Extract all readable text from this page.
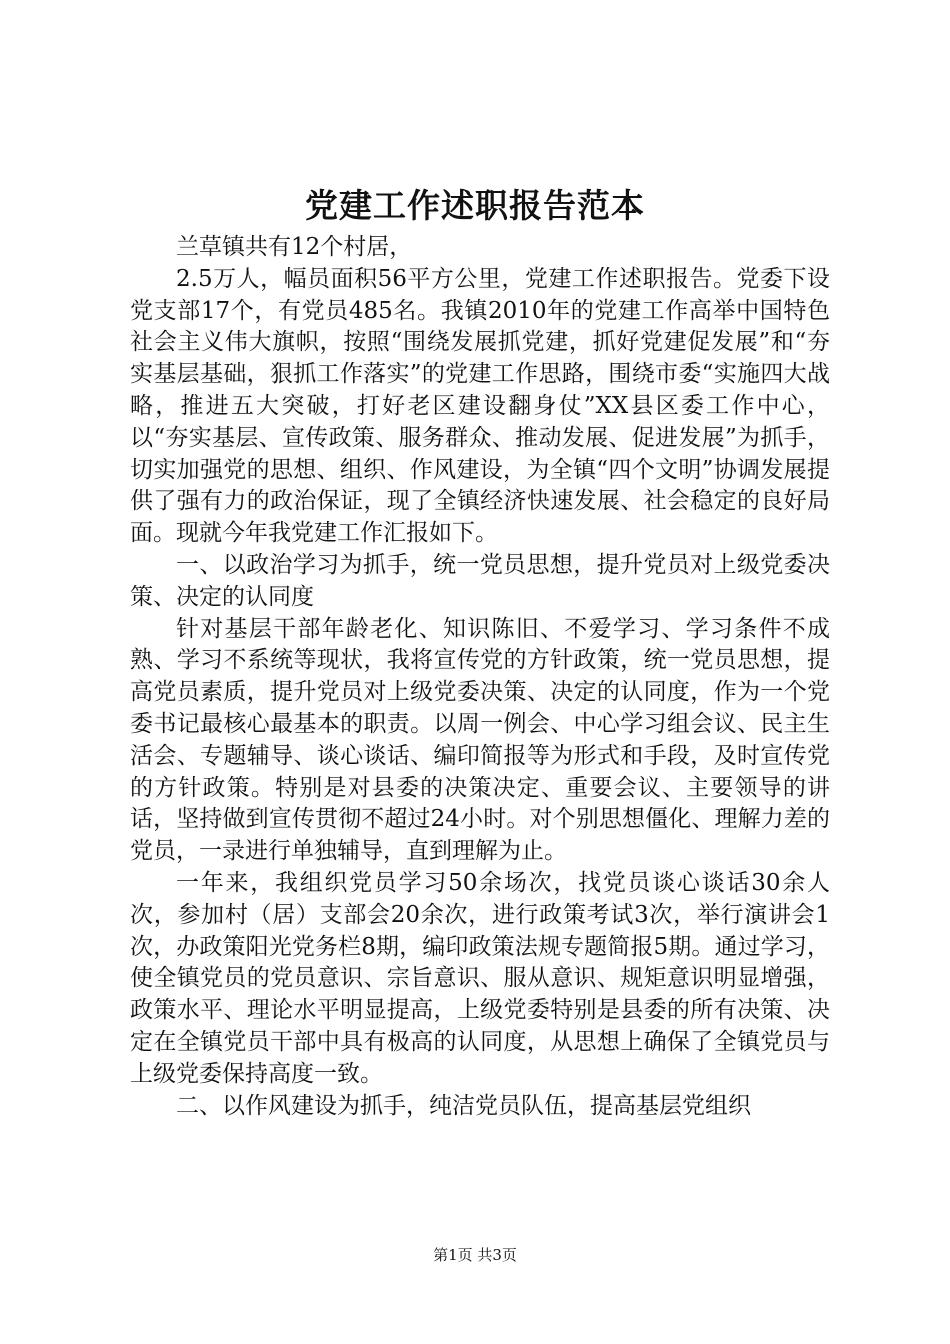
党建工作述职报告范本

兰草镇共有12个村居，

2.5万人，幅员面积56平方公里，党建工作述职报告。党委下设党支部17个，有党员485名。我镇2010年的党建工作高举中国特色社会主义伟大旗帜，按照“围绕发展抓党建，抓好党建促发展”和“夯实基层基础，狠抓工作落实”的党建工作思路，围绕市委“实施四大战略，推进五大突破，打好老区建设翻身仗”XX县区委工作中心，以“夯实基层、宣传政策、服务群众、推动发展、促进发展”为抓手，切实加强党的思想、组织、作风建设，为全镇“四个文明”协调发展提供了强有力的政治保证，现了全镇经济快速发展、社会稳定的良好局面。现就今年我党建工作汇报如下。

一、以政治学习为抓手，统一党员思想，提升党员对上级党委决策、决定的认同度

针对基层干部年龄老化、知识陈旧、不爱学习、学习条件不成熟、学习不系统等现状，我将宣传党的方针政策，统一党员思想，提高党员素质，提升党员对上级党委决策、决定的认同度，作为一个党委书记最核心最基本的职责。以周一例会、中心学习组会议、民主生活会、专题辅导、谈心谈话、编印简报等为形式和手段，及时宣传党的方针政策。特别是对县委的决策决定、重要会议、主要领导的讲话，坚持做到宣传贯彻不超过24小时。对个别思想僵化、理解力差的党员，一录进行单独辅导，直到理解为止。

一年来，我组织党员学习50余场次，找党员谈心谈话30余人次，参加村（居）支部会20余次，进行政策考试3次，举行演讲会1次，办政策阳光党务栏8期，编印政策法规专题简报5期。通过学习，使全镇党员的党员意识、宗旨意识、服从意识、规矩意识明显增强，政策水平、理论水平明显提高，上级党委特别是县委的所有决策、决定在全镇党员干部中具有极高的认同度，从思想上确保了全镇党员与上级党委保持高度一致。

二、以作风建设为抓手，纯洁党员队伍，提高基层党组织

第1页 共3页
